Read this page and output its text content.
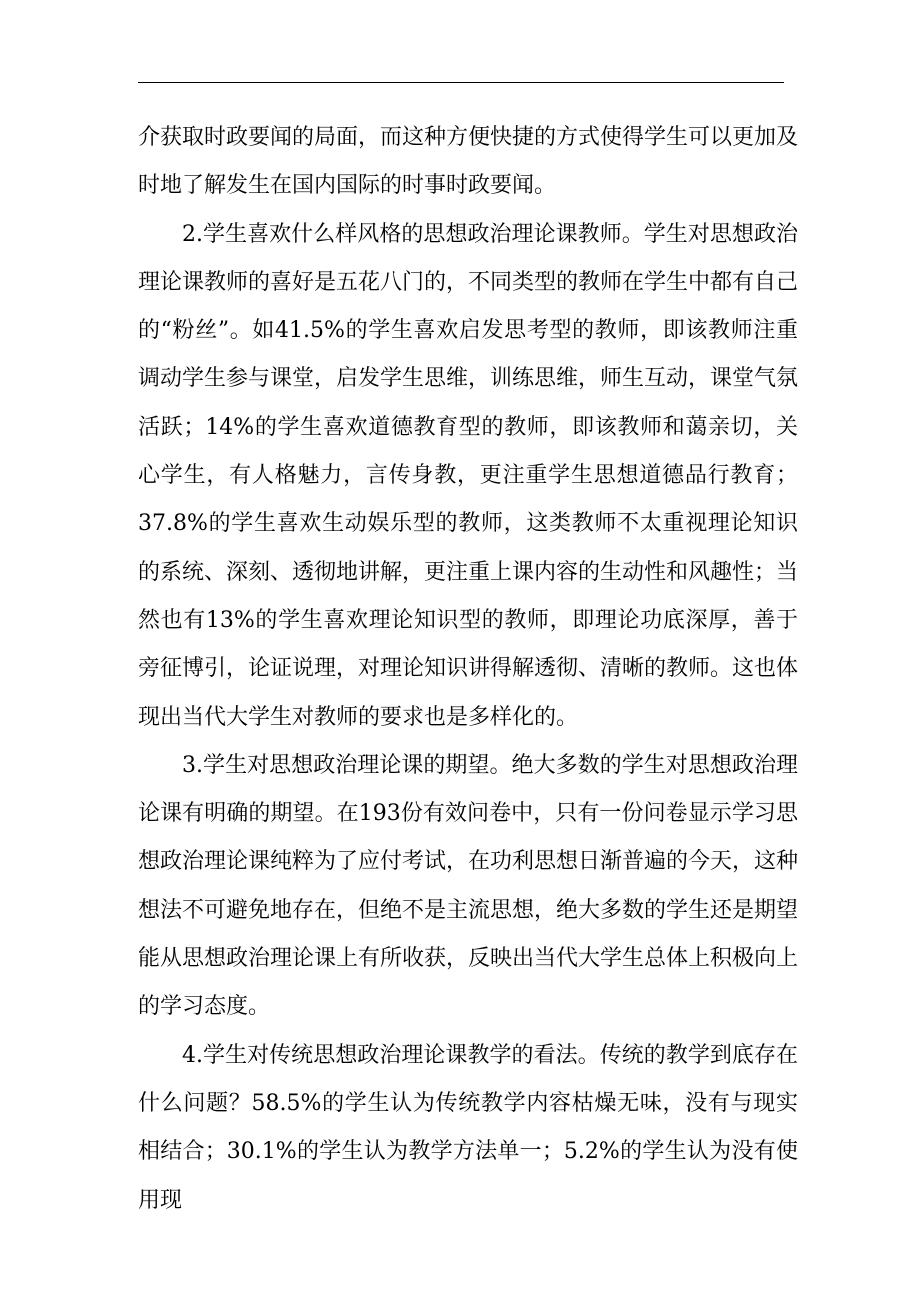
介获取时政要闻的局面，而这种方便快捷的方式使得学生可以更加及时地了解发生在国内国际的时事时政要闻。

2.学生喜欢什么样风格的思想政治理论课教师。学生对思想政治理论课教师的喜好是五花八门的，不同类型的教师在学生中都有自己的“粉丝”。如41.5%的学生喜欢启发思考型的教师，即该教师注重调动学生参与课堂，启发学生思维，训练思维，师生互动，课堂气氛活跃；14%的学生喜欢道德教育型的教师，即该教师和蔼亲切，关心学生，有人格魅力，言传身教，更注重学生思想道德品行教育；37.8%的学生喜欢生动娱乐型的教师，这类教师不太重视理论知识的系统、深刻、透彻地讲解，更注重上课内容的生动性和风趣性；当然也有13%的学生喜欢理论知识型的教师，即理论功底深厚，善于旁征博引，论证说理，对理论知识讲得解透彻、清晰的教师。这也体现出当代大学生对教师的要求也是多样化的。

3.学生对思想政治理论课的期望。绝大多数的学生对思想政治理论课有明确的期望。在193份有效问卷中，只有一份问卷显示学习思想政治理论课纯粹为了应付考试，在功利思想日渐普遍的今天，这种想法不可避免地存在，但绝不是主流思想，绝大多数的学生还是期望能从思想政治理论课上有所收获，反映出当代大学生总体上积极向上的学习态度。

4.学生对传统思想政治理论课教学的看法。传统的教学到底存在什么问题？58.5%的学生认为传统教学内容枯燥无味，没有与现实相结合；30.1%的学生认为教学方法单一；5.2%的学生认为没有使用现
